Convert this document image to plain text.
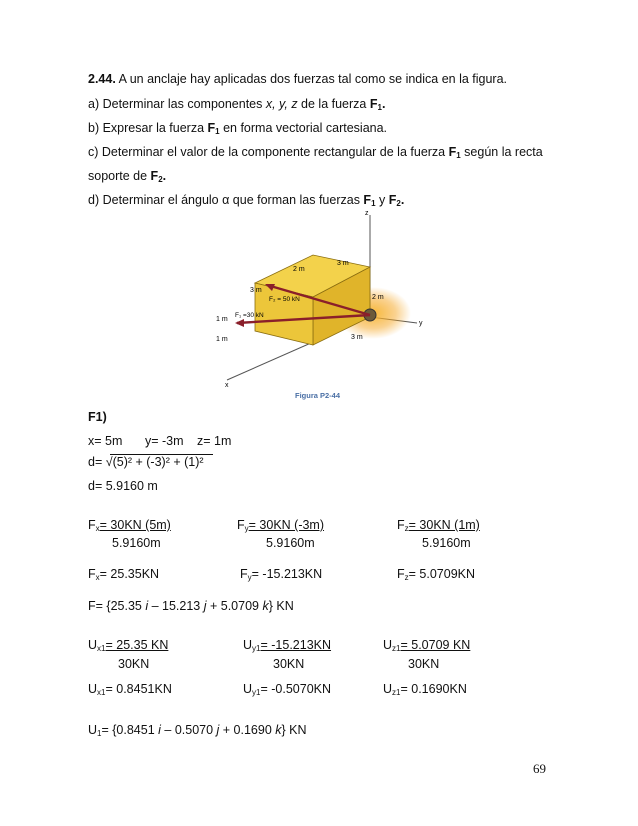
2.44. A un anclaje hay aplicadas dos fuerzas tal como se indica en la figura.
a) Determinar las componentes x, y, z de la fuerza $F_1$.
b) Expresar la fuerza $F_1$ en forma vectorial cartesiana.
c) Determinar el valor de la componente rectangular de la fuerza $F_1$ según la recta
soporte de $F_2$.
d) Determinar el ángulo α que forman las fuerzas $F_1$ y $F_2$.
z
y
x
2 m
3 m
3 m
2 m
1 m
1 m	3 m
F₂ = 50 kN
F₁ =30 kN
Figura P2-44
F1)
x= 5m y= -3m z= 1m
d= √(5)² + (-3)² + (1)²
d= 5.9160 m
$F_x= 30KN$ (5m)
5.9160m
$F_y= 30KN$ (-3m)
5.9160m
$F_z= 30KN$ (1m)
5.9160m
$F_x= 25.35KN$	$F_y= -15.213KN$	$F_z= 5.0709KN$
F= {25.35 i – 15.213 j + 5.0709 k} KN
$U_{x1}= 25.35$ KN
30KN
$U_{y1}= -15.213KN$
30KN
$U_{z1}= 5.0709$ KN
30KN
$U_{x1}= 0.8451KN$	$U_{y1}= -0.5070KN$	$U_{z1}= 0.1690KN$
$U_1= \{0.8451$ i – 0.5070 j + 0.1690 k} KN
69
